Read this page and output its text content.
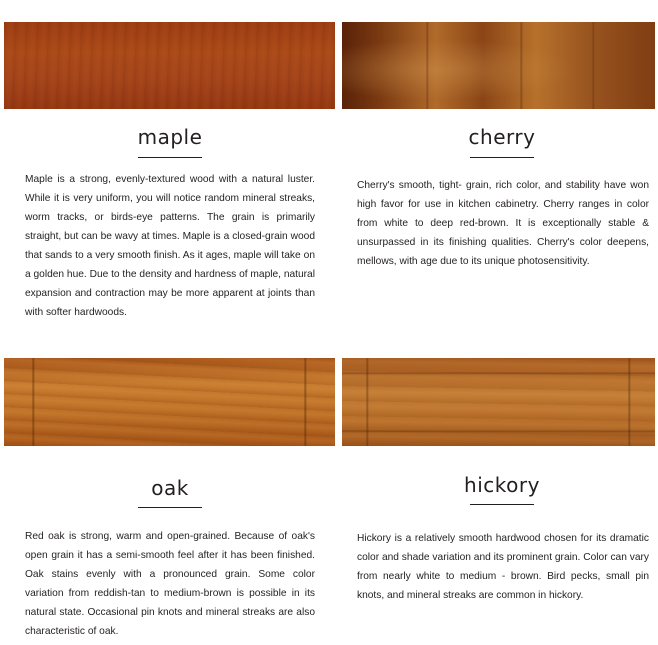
maple
Maple is a strong, evenly-textured wood with a natural luster. While it is very uniform, you will notice random mineral streaks, worm tracks, or birds-eye patterns. The grain is primarily straight, but can be wavy at times. Maple is a closed-grain wood that sands to a very smooth finish. As it ages, maple will take on a golden hue. Due to the density and hardness of maple, natural expansion and contraction may be more apparent at joints than with softer hardwoods.
cherry
Cherry's smooth, tight- grain, rich color, and stability have won high favor for use in kitchen cabinetry. Cherry ranges in color from white to deep red-brown. It is exceptionally stable & unsurpassed in its finishing qualities. Cherry's color deepens, mellows, with age due to its unique photosensitivity.
oak
Red oak is strong, warm and open-grained. Because of oak's open grain it has a semi-smooth feel after it has been finished. Oak stains evenly with a pronounced grain. Some color variation from reddish-tan to medium-brown is possible in its natural state. Occasional pin knots and mineral streaks are also characteristic of oak.
hickory
Hickory is a relatively smooth hardwood chosen for its dramatic color and shade variation and its prominent grain. Color can vary from nearly white to medium - brown. Bird pecks, small pin knots, and mineral streaks are common in hickory.
